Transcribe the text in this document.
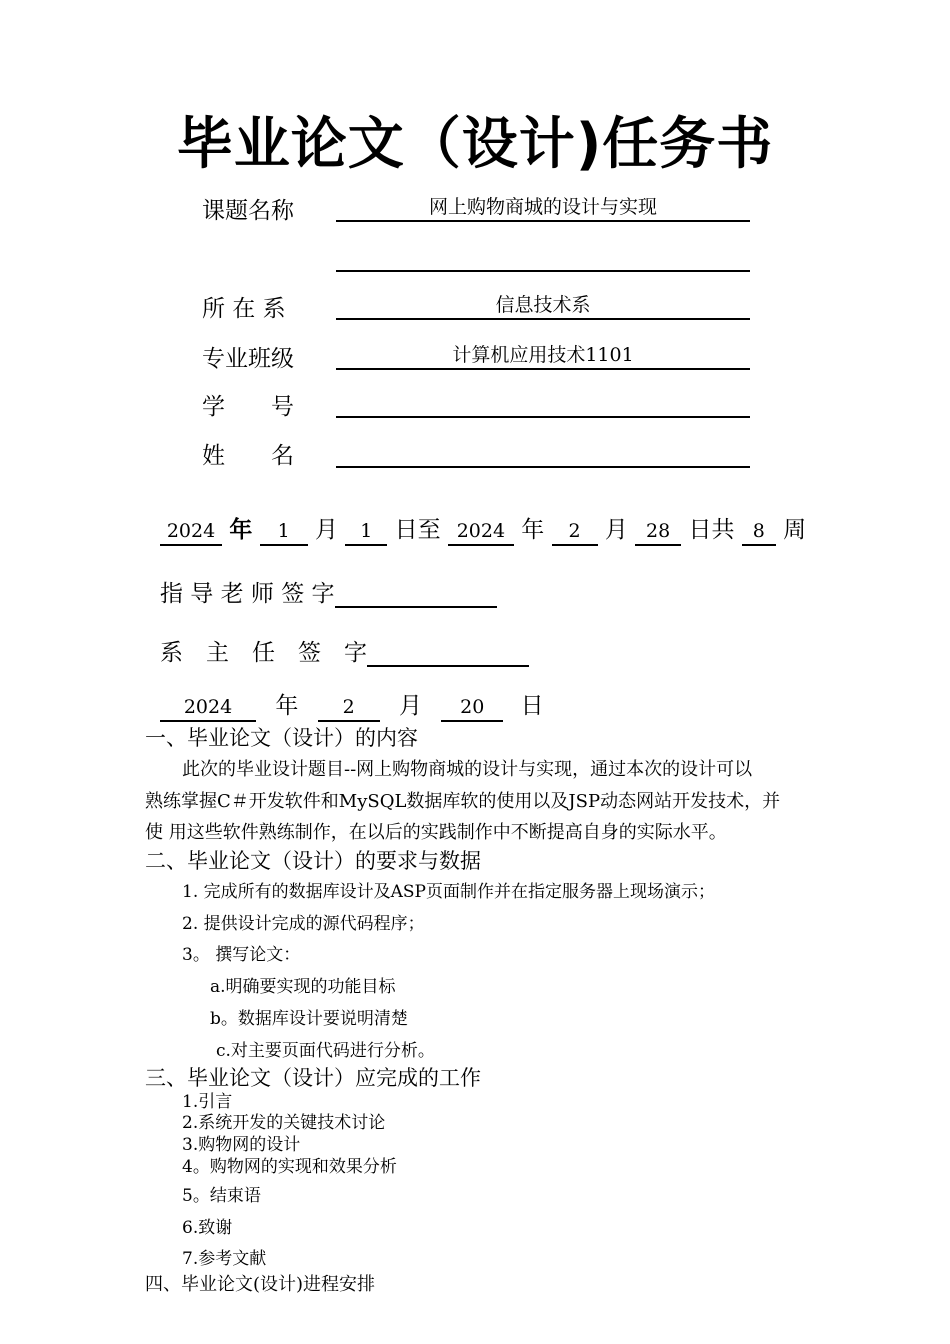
毕业论文（设计)任务书
课题名称	网上购物商城的设计与实现
所 在 系	信息技术系
专业班级	计算机应用技术1101
学　　号
姓　　名
2024 年 1 月 1 日至 2024 年 2 月 28 日共 8 周
指 导 老 师 签 字
系　主　任　签　字
2024 年 2 月 20 日
一、毕业论文（设计）的内容
此次的毕业设计题目--网上购物商城的设计与实现，通过本次的设计可以
熟练掌握C＃开发软件和MySQL数据库软的使用以及JSP动态网站开发技术，并
使 用这些软件熟练制作，在以后的实践制作中不断提高自身的实际水平。
二、毕业论文（设计）的要求与数据
1. 完成所有的数据库设计及ASP页面制作并在指定服务器上现场演示；
2. 提供设计完成的源代码程序；
3。 撰写论文：
a.明确要实现的功能目标
b。数据库设计要说明清楚
c.对主要页面代码进行分析。
三、毕业论文（设计）应完成的工作
1.引言
2.系统开发的关键技术讨论
3.购物网的设计
4。购物网的实现和效果分析
5。结束语
6.致谢
7.参考文献
四、毕业论文(设计)进程安排
